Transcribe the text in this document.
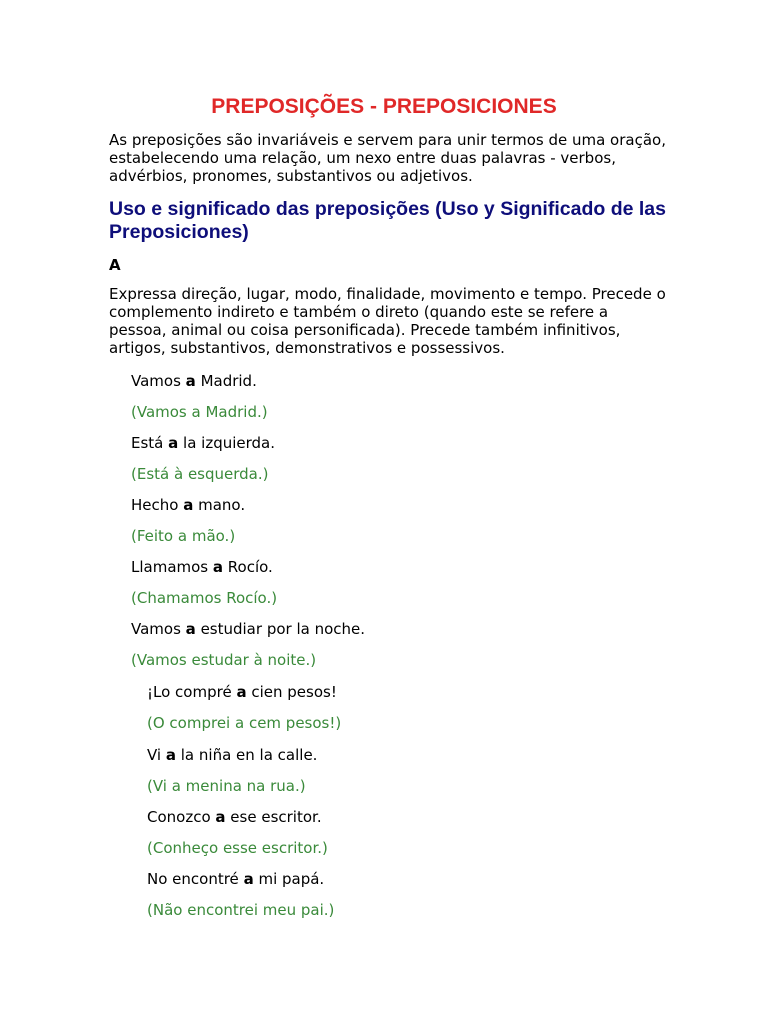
PREPOSIÇÕES - PREPOSICIONES

As preposições são invariáveis e servem para unir termos de uma oração, estabelecendo uma relação, um nexo entre duas palavras - verbos, advérbios, pronomes, substantivos ou adjetivos.

Uso e significado das preposições (Uso y Significado de las Preposiciones)
A

Expressa direção, lugar, modo, finalidade, movimento e tempo. Precede o complemento indireto e também o direto (quando este se refere a pessoa, animal ou coisa personificada). Precede também infinitivos, artigos, substantivos, demonstrativos e possessivos.

Vamos a Madrid.

(Vamos a Madrid.)

Está a la izquierda.

(Está à esquerda.)

Hecho a mano.

(Feito a mão.)

Llamamos a Rocío.

(Chamamos Rocío.)

Vamos a estudiar por la noche.

(Vamos estudar à noite.)

¡Lo compré a cien pesos!

(O comprei a cem pesos!)

Vi a la niña en la calle.

(Vi a menina na rua.)

Conozco a ese escritor.

(Conheço esse escritor.)

No encontré a mi papá.

(Não encontrei meu pai.)
